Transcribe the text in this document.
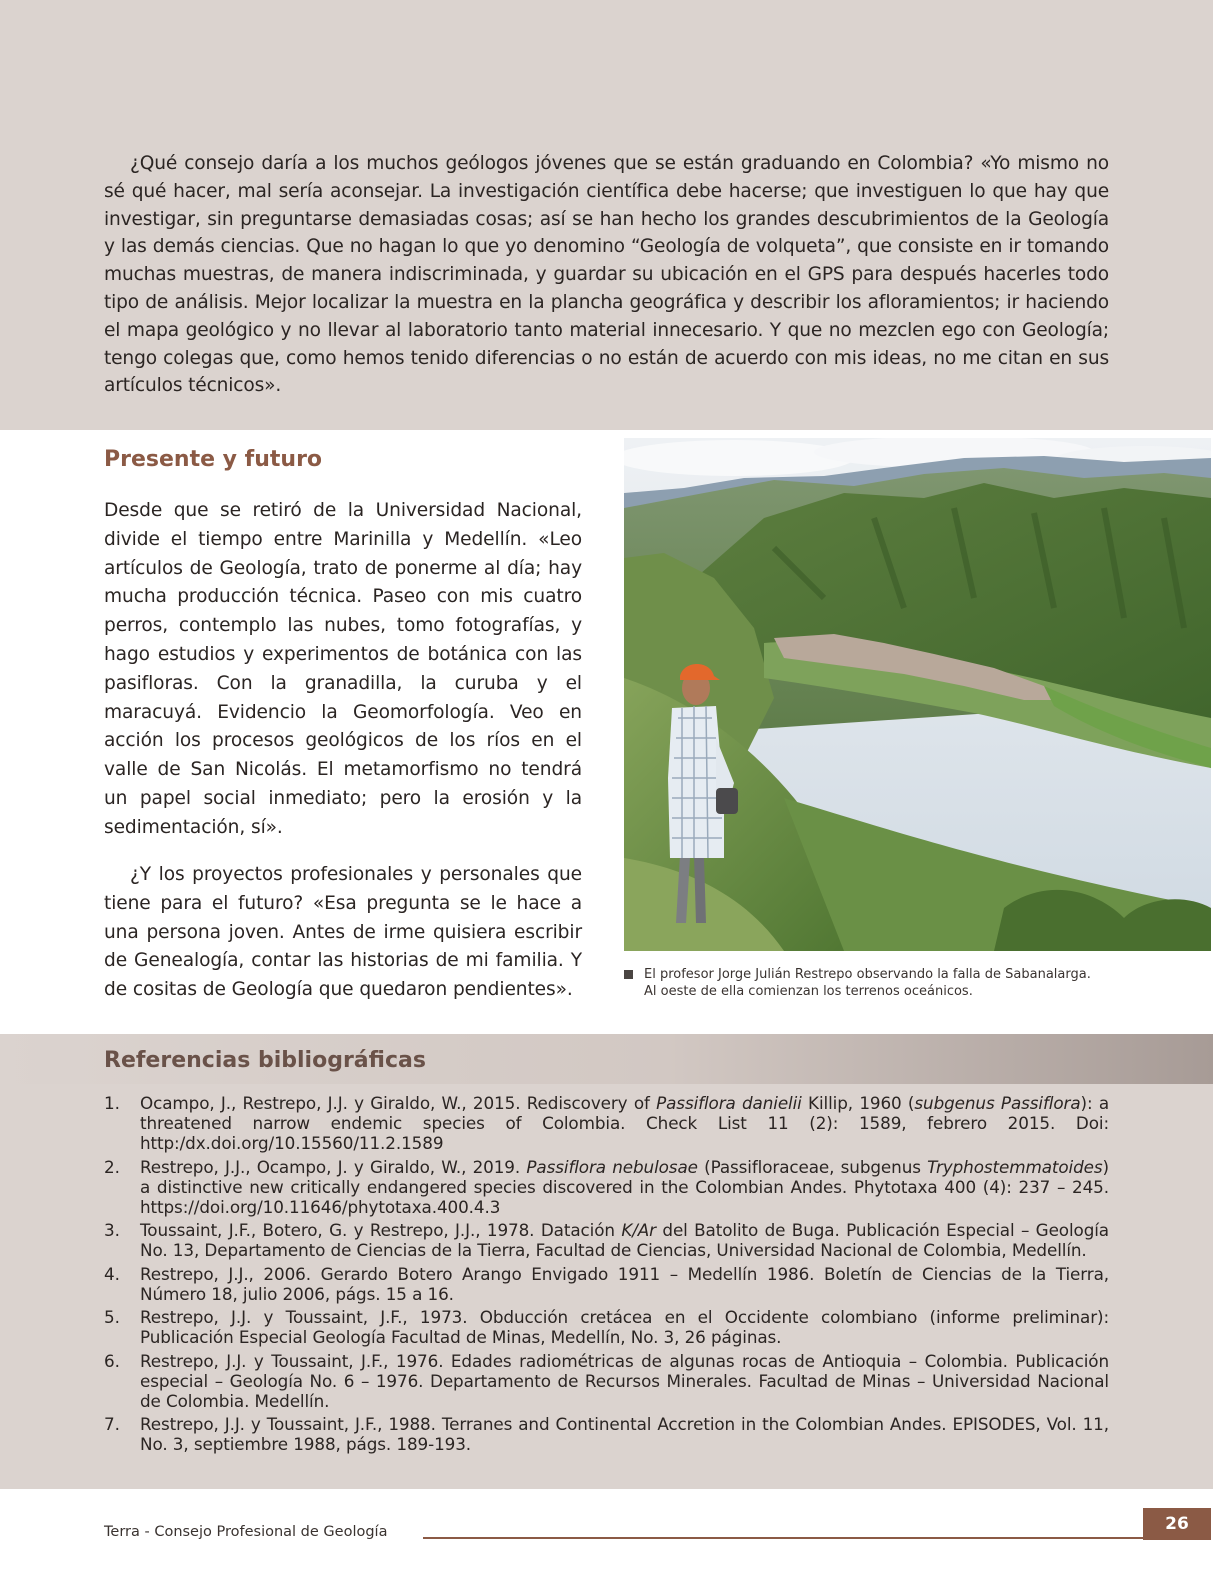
¿Qué consejo daría a los muchos geólogos jóvenes que se están graduando en Colombia? «Yo mismo no sé qué hacer, mal sería aconsejar. La investigación científica debe hacerse; que investiguen lo que hay que investigar, sin preguntarse demasiadas cosas; así se han hecho los grandes descubrimientos de la Geología y las demás ciencias. Que no hagan lo que yo denomino “Geología de volqueta”, que consiste en ir tomando muchas muestras, de manera indiscriminada, y guardar su ubicación en el GPS para después hacerles todo tipo de análisis. Mejor localizar la muestra en la plancha geográfica y describir los afloramientos; ir haciendo el mapa geológico y no llevar al laboratorio tanto material innecesario. Y que no mezclen ego con Geología; tengo colegas que, como hemos tenido diferencias o no están de acuerdo con mis ideas, no me citan en sus artículos técnicos».

Presente y futuro

Desde que se retiró de la Universidad Nacional, divide el tiempo entre Marinilla y Medellín. «Leo artículos de Geología, trato de ponerme al día; hay mucha producción técnica. Paseo con mis cuatro perros, contemplo las nubes, tomo fotografías, y hago estudios y experimentos de botánica con las pasifloras. Con la granadilla, la curuba y el maracuyá. Evidencio la Geomorfología. Veo en acción los procesos geológicos de los ríos en el valle de San Nicolás. El metamorfismo no tendrá un papel social inmediato; pero la erosión y la sedimentación, sí».

¿Y los proyectos profesionales y personales que tiene para el futuro? «Esa pregunta se le hace a una persona joven. Antes de irme quisiera escribir de Genealogía, contar las historias de mi familia. Y de cositas de Geología que quedaron pendientes».

El profesor Jorge Julián Restrepo observando la falla de Sabanalarga.
Al oeste de ella comienzan los terrenos oceánicos.
Referencias bibliográficas
1. Ocampo, J., Restrepo, J.J. y Giraldo, W., 2015. Rediscovery of Passiflora danielii Killip, 1960 (subgenus Passiflora): a threatened narrow endemic species of Colombia. Check List 11 (2): 1589, febrero 2015. Doi: http:/dx.doi.org/10.15560/11.2.1589
2. Restrepo, J.J., Ocampo, J. y Giraldo, W., 2019. Passiflora nebulosae (Passifloraceae, subgenus Tryphostemmatoides) a distinctive new critically endangered species discovered in the Colombian Andes. Phytotaxa 400 (4): 237 – 245. https://doi.org/10.11646/phytotaxa.400.4.3
3. Toussaint, J.F., Botero, G. y Restrepo, J.J., 1978. Datación K/Ar del Batolito de Buga. Publicación Especial – Geología No. 13, Departamento de Ciencias de la Tierra, Facultad de Ciencias, Universidad Nacional de Colombia, Medellín.
4. Restrepo, J.J., 2006. Gerardo Botero Arango Envigado 1911 – Medellín 1986. Boletín de Ciencias de la Tierra, Número 18, julio 2006, págs. 15 a 16.
5. Restrepo, J.J. y Toussaint, J.F., 1973. Obducción cretácea en el Occidente colombiano (informe preliminar): Publicación Especial Geología Facultad de Minas, Medellín, No. 3, 26 páginas.
6. Restrepo, J.J. y Toussaint, J.F., 1976. Edades radiométricas de algunas rocas de Antioquia – Colombia. Publicación especial – Geología No. 6 – 1976. Departamento de Recursos Minerales. Facultad de Minas – Universidad Nacional de Colombia. Medellín.
7. Restrepo, J.J. y Toussaint, J.F., 1988. Terranes and Continental Accretion in the Colombian Andes. EPISODES, Vol. 11, No. 3, septiembre 1988, págs. 189-193.
Terra - Consejo Profesional de Geología	26
